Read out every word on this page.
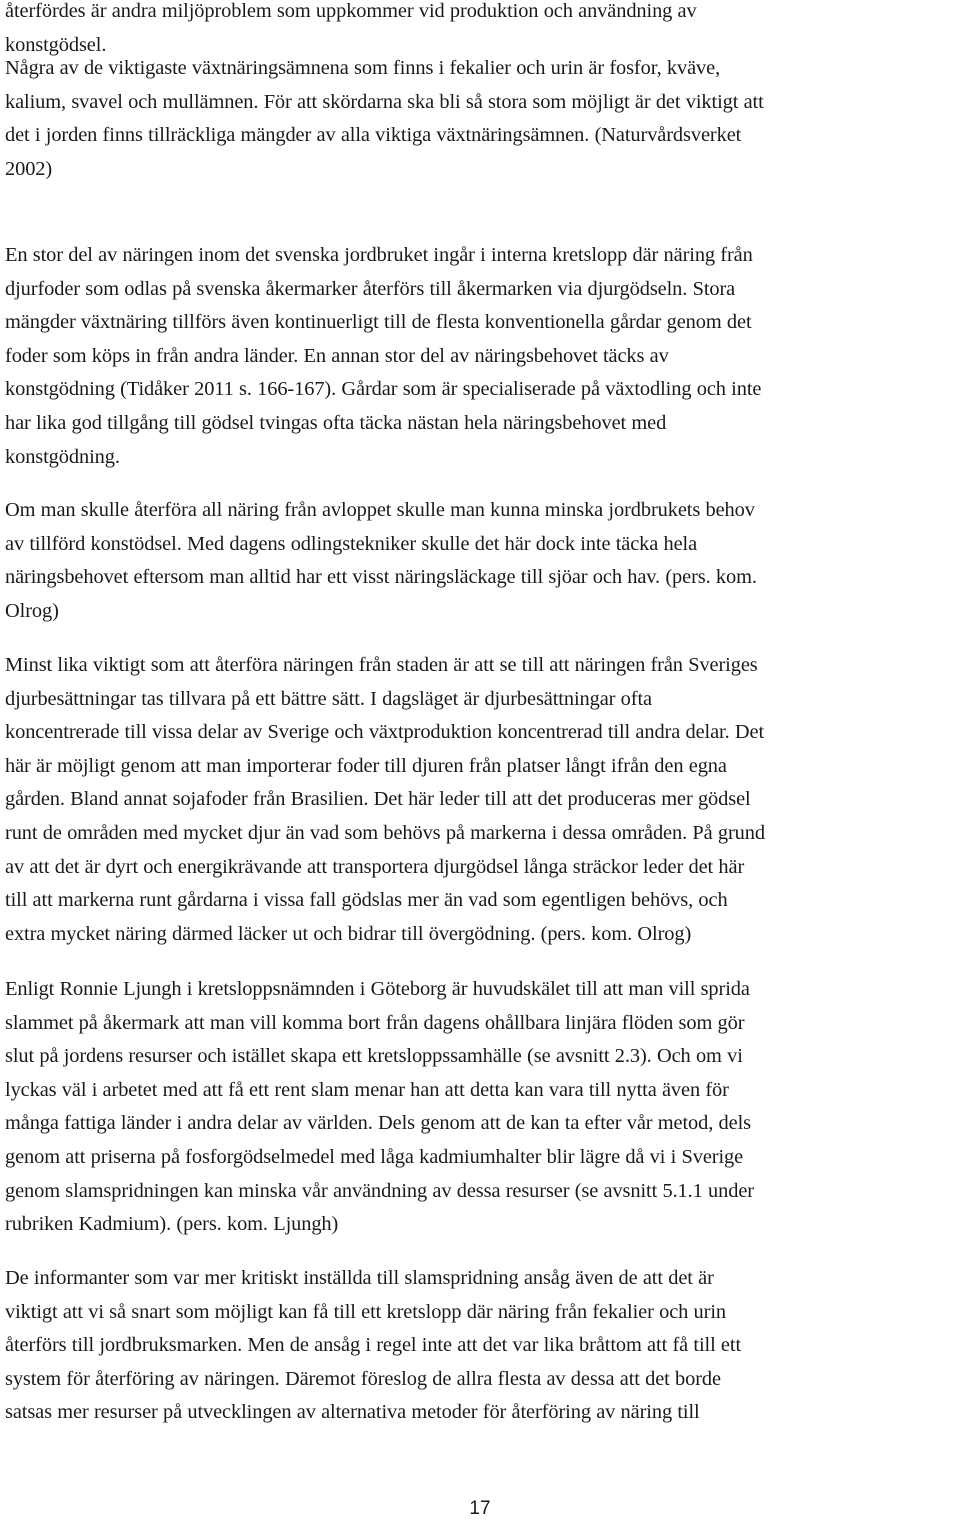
återfördes är andra miljöproblem som uppkommer vid produktion och användning av
konstgödsel.

Några av de viktigaste växtnäringsämnena som finns i fekalier och urin är fosfor, kväve,
kalium, svavel och mullämnen. För att skördarna ska bli så stora som möjligt är det viktigt att
det i jorden finns tillräckliga mängder av alla viktiga växtnäringsämnen. (Naturvårdsverket
2002)

En stor del av näringen inom det svenska jordbruket ingår i interna kretslopp där näring från
djurfoder som odlas på svenska åkermarker återförs till åkermarken via djurgödseln. Stora
mängder växtnäring tillförs även kontinuerligt till de flesta konventionella gårdar genom det
foder som köps in från andra länder. En annan stor del av näringsbehovet täcks av
konstgödning (Tidåker 2011 s. 166-167). Gårdar som är specialiserade på växtodling och inte
har lika god tillgång till gödsel tvingas ofta täcka nästan hela näringsbehovet med
konstgödning.

Om man skulle återföra all näring från avloppet skulle man kunna minska jordbrukets behov
av tillförd konstödsel. Med dagens odlingstekniker skulle det här dock inte täcka hela
näringsbehovet eftersom man alltid har ett visst näringsläckage till sjöar och hav. (pers. kom.
Olrog)

Minst lika viktigt som att återföra näringen från staden är att se till att näringen från Sveriges
djurbesättningar tas tillvara på ett bättre sätt. I dagsläget är djurbesättningar ofta
koncentrerade till vissa delar av Sverige och växtproduktion koncentrerad till andra delar. Det
här är möjligt genom att man importerar foder till djuren från platser långt ifrån den egna
gården. Bland annat sojafoder från Brasilien. Det här leder till att det produceras mer gödsel
runt de områden med mycket djur än vad som behövs på markerna i dessa områden. På grund
av att det är dyrt och energikrävande att transportera djurgödsel långa sträckor leder det här
till att markerna runt gårdarna i vissa fall gödslas mer än vad som egentligen behövs, och
extra mycket näring därmed läcker ut och bidrar till övergödning. (pers. kom. Olrog)

Enligt Ronnie Ljungh i kretsloppsnämnden i Göteborg är huvudskälet till att man vill sprida
slammet på åkermark att man vill komma bort från dagens ohållbara linjära flöden som gör
slut på jordens resurser och istället skapa ett kretsloppssamhälle (se avsnitt 2.3). Och om vi
lyckas väl i arbetet med att få ett rent slam menar han att detta kan vara till nytta även för
många fattiga länder i andra delar av världen. Dels genom att de kan ta efter vår metod, dels
genom att priserna på fosforgödselmedel med låga kadmiumhalter blir lägre då vi i Sverige
genom slamspridningen kan minska vår användning av dessa resurser (se avsnitt 5.1.1 under
rubriken Kadmium). (pers. kom. Ljungh)

De informanter som var mer kritiskt inställda till slamspridning ansåg även de att det är
viktigt att vi så snart som möjligt kan få till ett kretslopp där näring från fekalier och urin
återförs till jordbruksmarken. Men de ansåg i regel inte att det var lika bråttom att få till ett
system för återföring av näringen. Däremot föreslog de allra flesta av dessa att det borde
satsas mer resurser på utvecklingen av alternativa metoder för återföring av näring till

17
